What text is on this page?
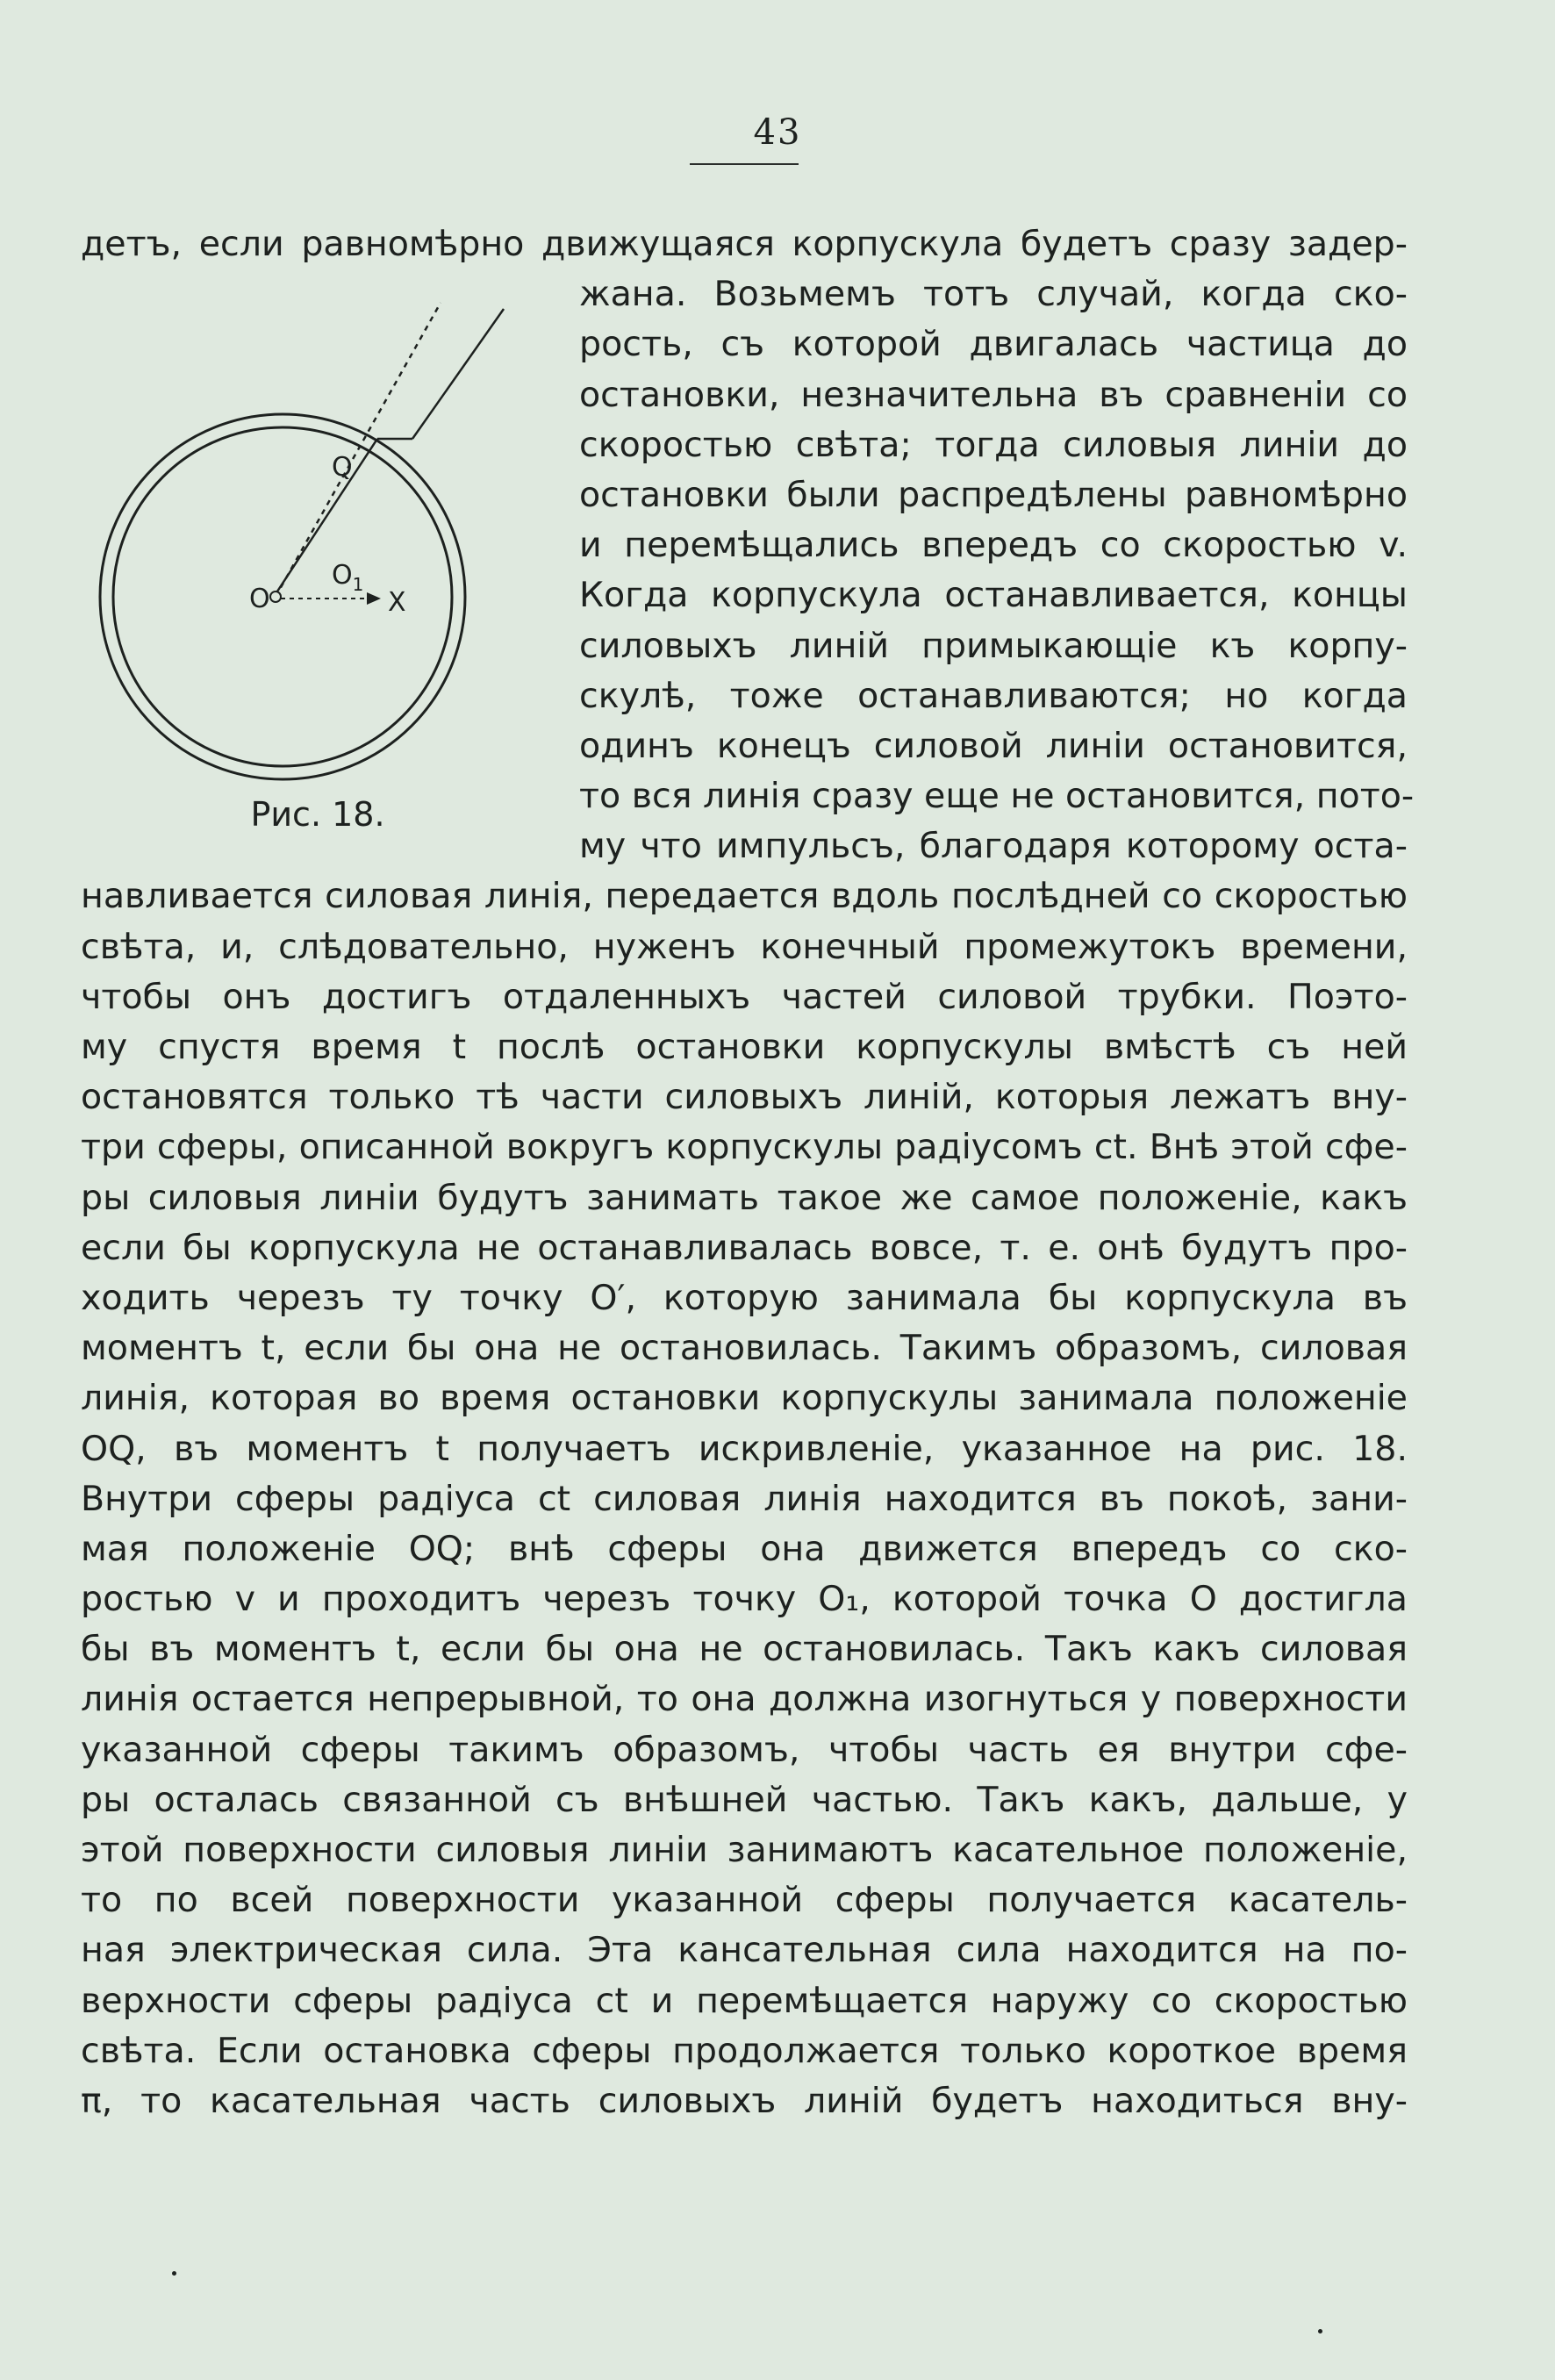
43
O
$O_1$
X
Q
Рис. 18.
детъ, если равномѣрно движущаяся корпускула будетъ сразу задер-
жана. Возьмемъ тотъ случай, когда ско-
рость, съ которой двигалась частица до
остановки, незначительна въ сравненіи со
скоростью свѣта; тогда силовыя линіи до
остановки были распредѣлены равномѣрно
и перемѣщались впередъ со скоростью v.
Когда корпускула останавливается, концы
силовыхъ линій примыкающіе къ корпу-
скулѣ, тоже останавливаются; но когда
одинъ конецъ силовой линіи остановится,
то вся линія сразу еще не остановится, пото-
му что импульсъ, благодаря которому оста-
навливается силовая линія, передается вдоль послѣдней со скоростью
свѣта, и, слѣдовательно, нуженъ конечный промежутокъ времени,
чтобы онъ достигъ отдаленныхъ частей силовой трубки. Поэто-
му спустя время t послѣ остановки корпускулы вмѣстѣ съ ней
остановятся только тѣ части силовыхъ линій, которыя лежатъ вну-
три сферы, описанной вокругъ корпускулы радіусомъ ct. Внѣ этой сфе-
ры силовыя линіи будутъ занимать такое же самое положеніе, какъ
если бы корпускула не останавливалась вовсе, т. е. онѣ будутъ про-
ходить черезъ ту точку O′, которую занимала бы корпускула въ
моментъ t, если бы она не остановилась. Такимъ образомъ, силовая
линія, которая во время остановки корпускулы занимала положеніе
OQ, въ моментъ t получаетъ искривленіе, указанное на рис. 18.
Внутри сферы радіуса ct силовая линія находится въ покоѣ, зани-
мая положеніе OQ; внѣ сферы она движется впередъ со ско-
ростью v и проходитъ черезъ точку O₁, которой точка O достигла
бы въ моментъ t, если бы она не остановилась. Такъ какъ силовая
линія остается непрерывной, то она должна изогнуться у поверхности
указанной сферы такимъ образомъ, чтобы часть ея внутри сфе-
ры осталась связанной съ внѣшней частью. Такъ какъ, дальше, у
этой поверхности силовыя линіи занимаютъ касательное положеніе,
то по всей поверхности указанной сферы получается касатель-
ная электрическая сила. Эта кансательная сила находится на по-
верхности сферы радіуса ct и перемѣщается наружу со скоростью
свѣта. Если остановка сферы продолжается только короткое время
π, то касательная часть силовыхъ линій будетъ находиться вну-
